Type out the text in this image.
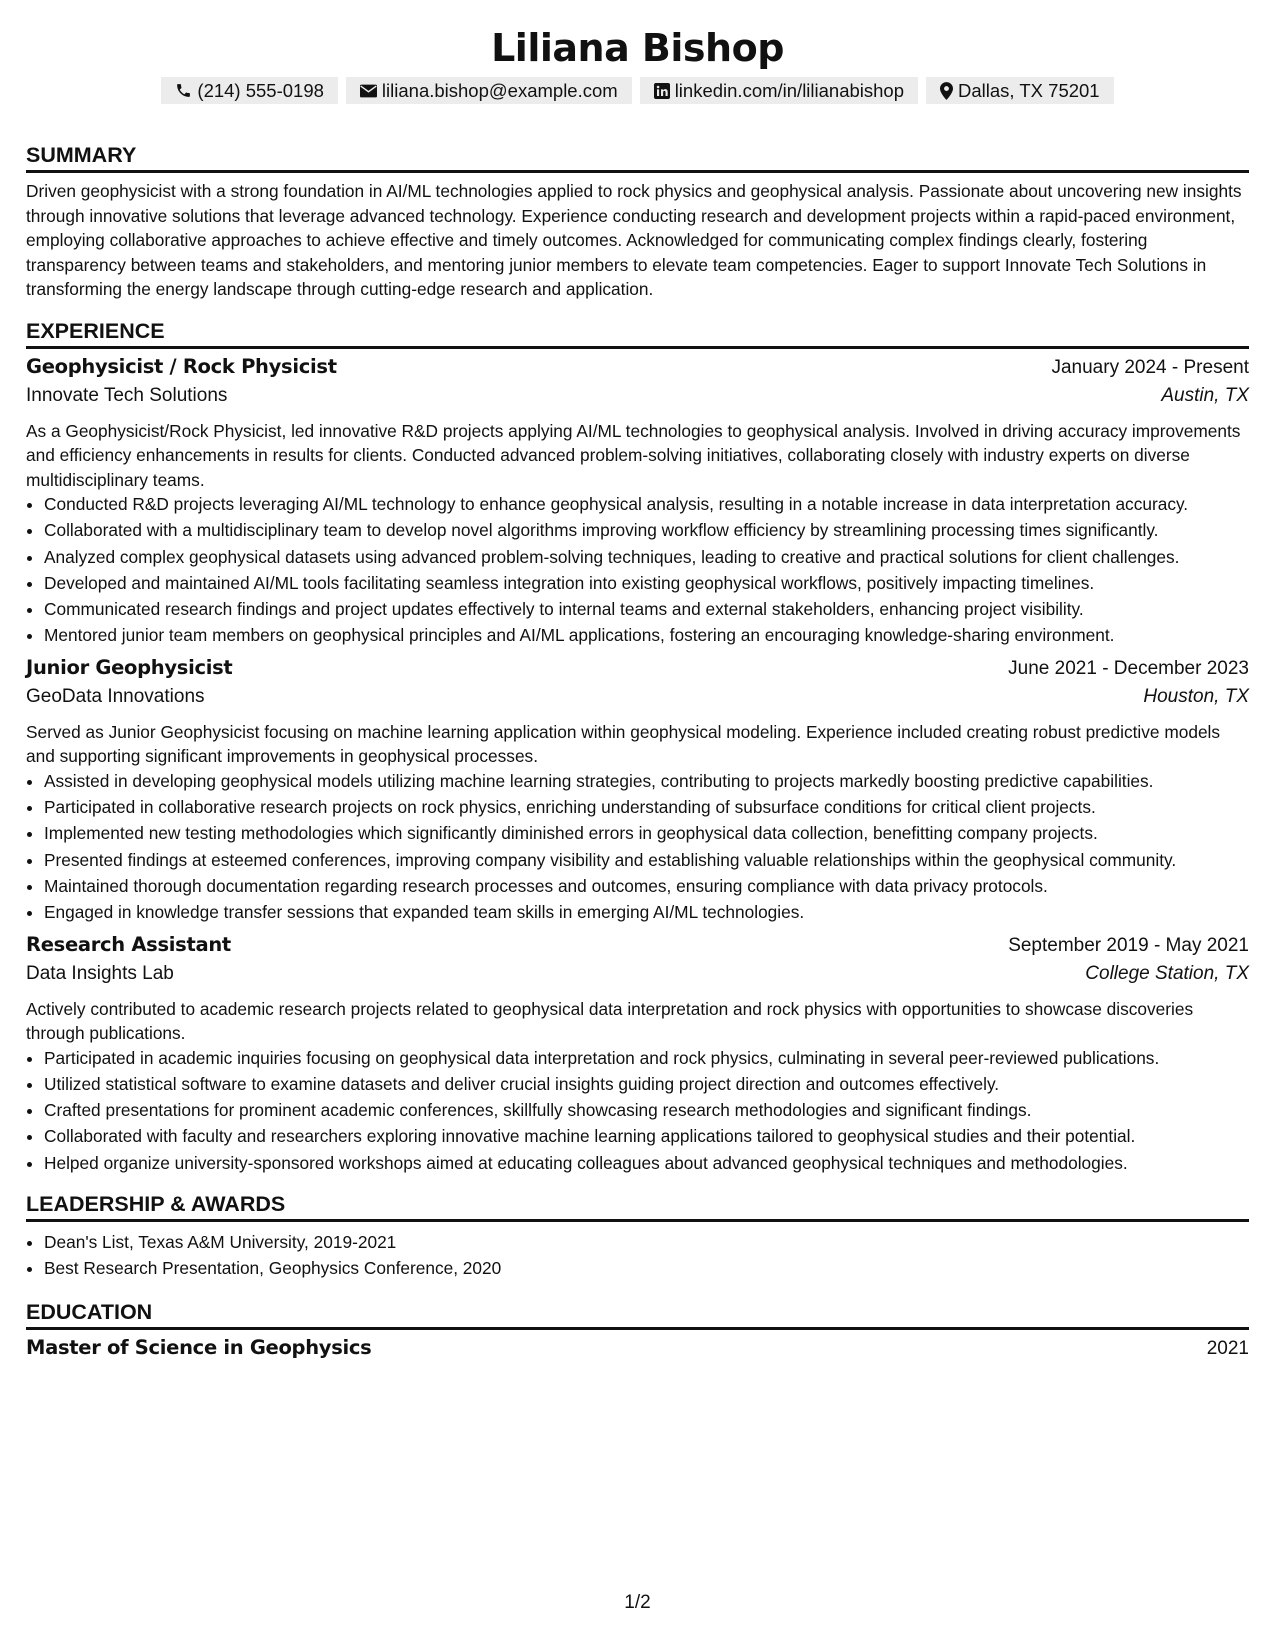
Liliana Bishop
(214) 555-0198	liliana.bishop@example.com	linkedin.com/in/lilianabishop	Dallas, TX 75201
SUMMARY

Driven geophysicist with a strong foundation in AI/ML technologies applied to rock physics and geophysical analysis. Passionate about uncovering new insights through innovative solutions that leverage advanced technology. Experience conducting research and development projects within a rapid-paced environment, employing collaborative approaches to achieve effective and timely outcomes. Acknowledged for communicating complex findings clearly, fostering transparency between teams and stakeholders, and mentoring junior members to elevate team competencies. Eager to support Innovate Tech Solutions in transforming the energy landscape through cutting-edge research and application.

EXPERIENCE
Geophysicist / Rock Physicist	January 2024 - Present
Innovate Tech Solutions	Austin, TX

As a Geophysicist/Rock Physicist, led innovative R&D projects applying AI/ML technologies to geophysical analysis. Involved in driving accuracy improvements and efficiency enhancements in results for clients. Conducted advanced problem-solving initiatives, collaborating closely with industry experts on diverse multidisciplinary teams.

• Conducted R&D projects leveraging AI/ML technology to enhance geophysical analysis, resulting in a notable increase in data interpretation accuracy.
• Collaborated with a multidisciplinary team to develop novel algorithms improving workflow efficiency by streamlining processing times significantly.
• Analyzed complex geophysical datasets using advanced problem-solving techniques, leading to creative and practical solutions for client challenges.
• Developed and maintained AI/ML tools facilitating seamless integration into existing geophysical workflows, positively impacting timelines.
• Communicated research findings and project updates effectively to internal teams and external stakeholders, enhancing project visibility.
• Mentored junior team members on geophysical principles and AI/ML applications, fostering an encouraging knowledge-sharing environment.
Junior Geophysicist	June 2021 - December 2023
GeoData Innovations	Houston, TX

Served as Junior Geophysicist focusing on machine learning application within geophysical modeling. Experience included creating robust predictive models and supporting significant improvements in geophysical processes.

• Assisted in developing geophysical models utilizing machine learning strategies, contributing to projects markedly boosting predictive capabilities.
• Participated in collaborative research projects on rock physics, enriching understanding of subsurface conditions for critical client projects.
• Implemented new testing methodologies which significantly diminished errors in geophysical data collection, benefitting company projects.
• Presented findings at esteemed conferences, improving company visibility and establishing valuable relationships within the geophysical community.
• Maintained thorough documentation regarding research processes and outcomes, ensuring compliance with data privacy protocols.
• Engaged in knowledge transfer sessions that expanded team skills in emerging AI/ML technologies.
Research Assistant	September 2019 - May 2021
Data Insights Lab	College Station, TX

Actively contributed to academic research projects related to geophysical data interpretation and rock physics with opportunities to showcase discoveries through publications.

• Participated in academic inquiries focusing on geophysical data interpretation and rock physics, culminating in several peer-reviewed publications.
• Utilized statistical software to examine datasets and deliver crucial insights guiding project direction and outcomes effectively.
• Crafted presentations for prominent academic conferences, skillfully showcasing research methodologies and significant findings.
• Collaborated with faculty and researchers exploring innovative machine learning applications tailored to geophysical studies and their potential.
• Helped organize university-sponsored workshops aimed at educating colleagues about advanced geophysical techniques and methodologies.
LEADERSHIP & AWARDS
• Dean's List, Texas A&M University, 2019-2021
• Best Research Presentation, Geophysics Conference, 2020
EDUCATION
Master of Science in Geophysics	2021
1/2
